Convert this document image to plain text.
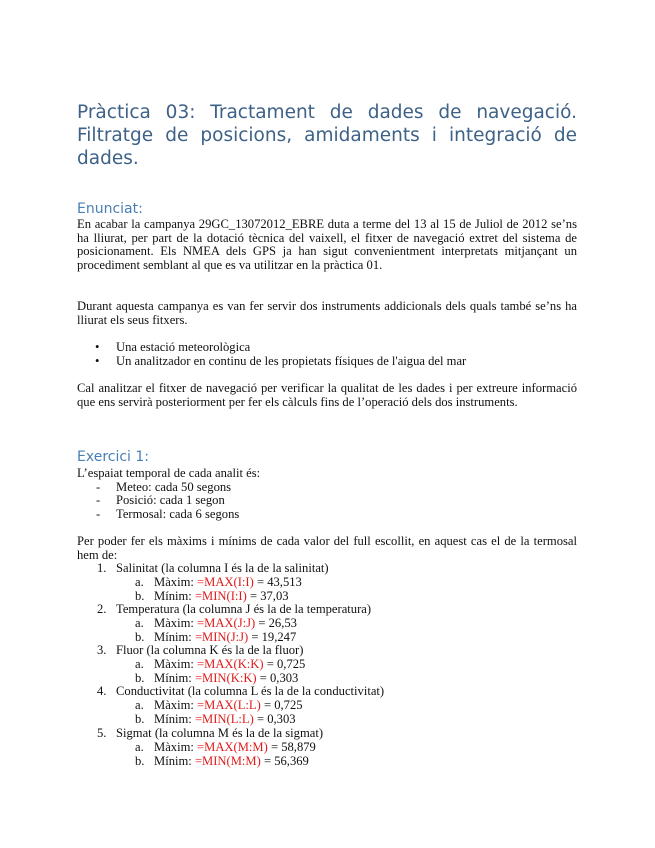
Pràctica 03: Tractament de dades de navegació. Filtratge de posicions, amidaments i integració de dades.
Enunciat:

En acabar la campanya 29GC_13072012_EBRE duta a terme del 13 al 15 de Juliol de 2012 se’ns ha lliurat, per part de la dotació tècnica del vaixell, el fitxer de navegació extret del sistema de posicionament. Els NMEA dels GPS ja han sigut convenientment interpretats mitjançant un procediment semblant al que es va utilitzar en la pràctica 01.

Durant aquesta campanya es van fer servir dos instruments addicionals dels quals també se’ns ha lliurat els seus fitxers.

• Una estació meteorològica
• Un analitzador en continu de les propietats físiques de l'aigua del mar

Cal analitzar el fitxer de navegació per verificar la qualitat de les dades i per extreure informació que ens servirà posteriorment per fer els càlculs fins de l’operació dels dos instruments.

Exercici 1:
L’espaiat temporal de cada analit és:
- Meteo: cada 50 segons
- Posició: cada 1 segon
- Termosal: cada 6 segons

Per poder fer els màxims i mínims de cada valor del full escollit, en aquest cas el de la termosal hem de:

1. Salinitat (la columna I és la de la salinitat)
a. Màxim: =MAX(I:I) = 43,513
b. Mínim: =MIN(I:I) = 37,03
2. Temperatura (la columna J és la de la temperatura)
a. Màxim: =MAX(J:J) = 26,53
b. Mínim: =MIN(J:J) = 19,247
3. Fluor (la columna K és la de la fluor)
a. Màxim: =MAX(K:K) = 0,725
b. Mínim: =MIN(K:K) = 0,303
4. Conductivitat (la columna L és la de la conductivitat)
a. Màxim: =MAX(L:L) = 0,725
b. Mínim: =MIN(L:L) = 0,303
5. Sigmat (la columna M és la de la sigmat)
a. Màxim: =MAX(M:M) = 58,879
b. Mínim: =MIN(M:M) = 56,369
